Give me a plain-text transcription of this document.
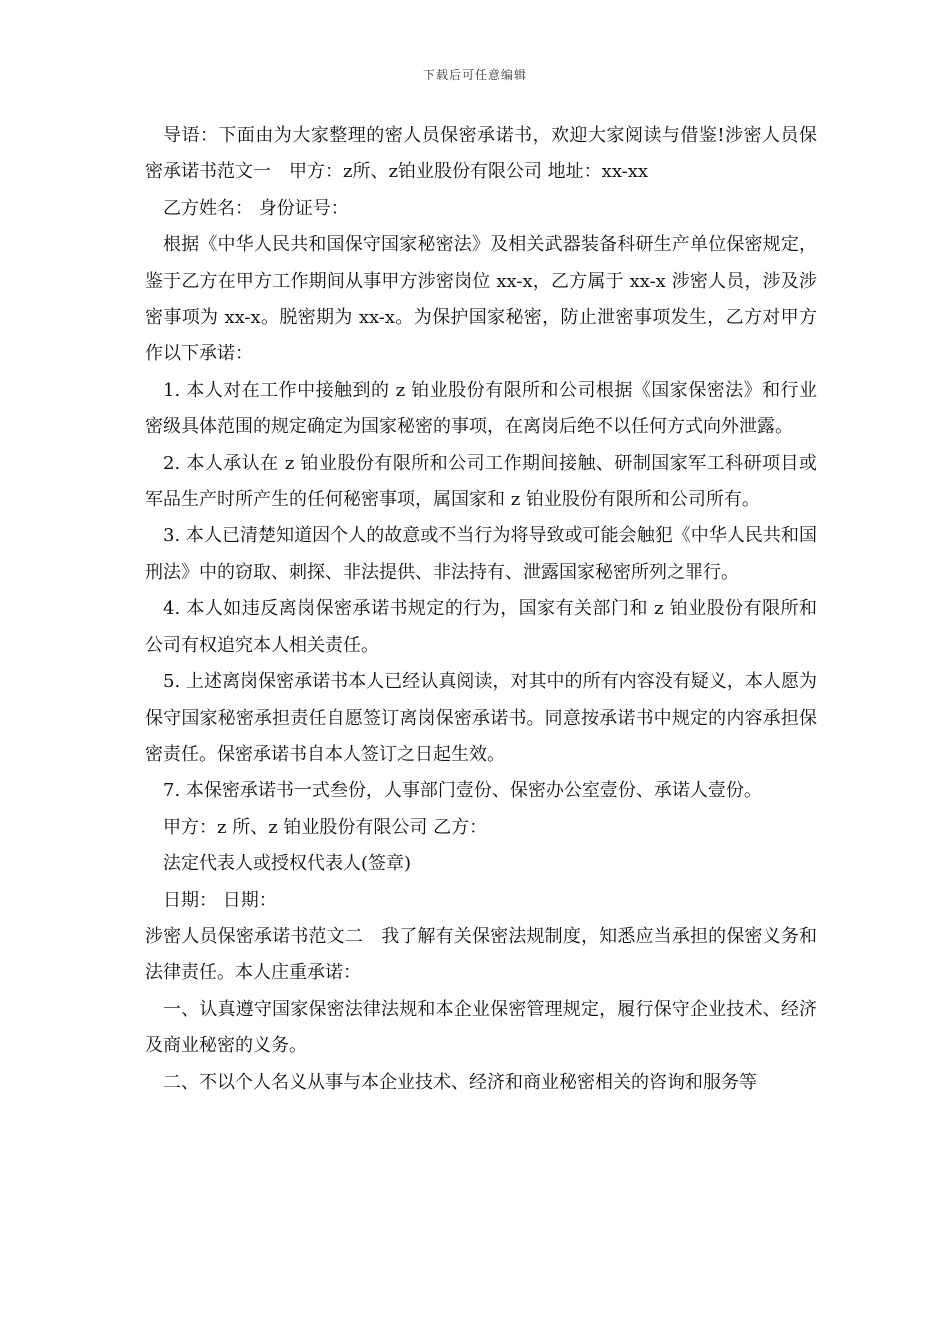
下载后可任意编辑

导语：下面由为大家整理的密人员保密承诺书，欢迎大家阅读与借鉴!涉密人员保密承诺书范文一　甲方：z所、z铂业股份有限公司 地址：xx-xx

乙方姓名： 身份证号：

根据《中华人民共和国保守国家秘密法》及相关武器装备科研生产单位保密规定，鉴于乙方在甲方工作期间从事甲方涉密岗位 xx-x，乙方属于 xx-x 涉密人员，涉及涉密事项为 xx-x。脱密期为 xx-x。为保护国家秘密，防止泄密事项发生，乙方对甲方作以下承诺：

1. 本人对在工作中接触到的 z 铂业股份有限所和公司根据《国家保密法》和行业密级具体范围的规定确定为国家秘密的事项，在离岗后绝不以任何方式向外泄露。

2. 本人承认在 z 铂业股份有限所和公司工作期间接触、研制国家军工科研项目或军品生产时所产生的任何秘密事项，属国家和 z 铂业股份有限所和公司所有。

3. 本人已清楚知道因个人的故意或不当行为将导致或可能会触犯《中华人民共和国刑法》中的窃取、刺探、非法提供、非法持有、泄露国家秘密所列之罪行。

4. 本人如违反离岗保密承诺书规定的行为，国家有关部门和 z 铂业股份有限所和公司有权追究本人相关责任。

5. 上述离岗保密承诺书本人已经认真阅读，对其中的所有内容没有疑义，本人愿为保守国家秘密承担责任自愿签订离岗保密承诺书。同意按承诺书中规定的内容承担保密责任。保密承诺书自本人签订之日起生效。

7. 本保密承诺书一式叁份，人事部门壹份、保密办公室壹份、承诺人壹份。

甲方：z 所、z 铂业股份有限公司 乙方：

法定代表人或授权代表人(签章)

日期： 日期：

涉密人员保密承诺书范文二　我了解有关保密法规制度，知悉应当承担的保密义务和法律责任。本人庄重承诺：

一、认真遵守国家保密法律法规和本企业保密管理规定，履行保守企业技术、经济及商业秘密的义务。

二、不以个人名义从事与本企业技术、经济和商业秘密相关的咨询和服务等
